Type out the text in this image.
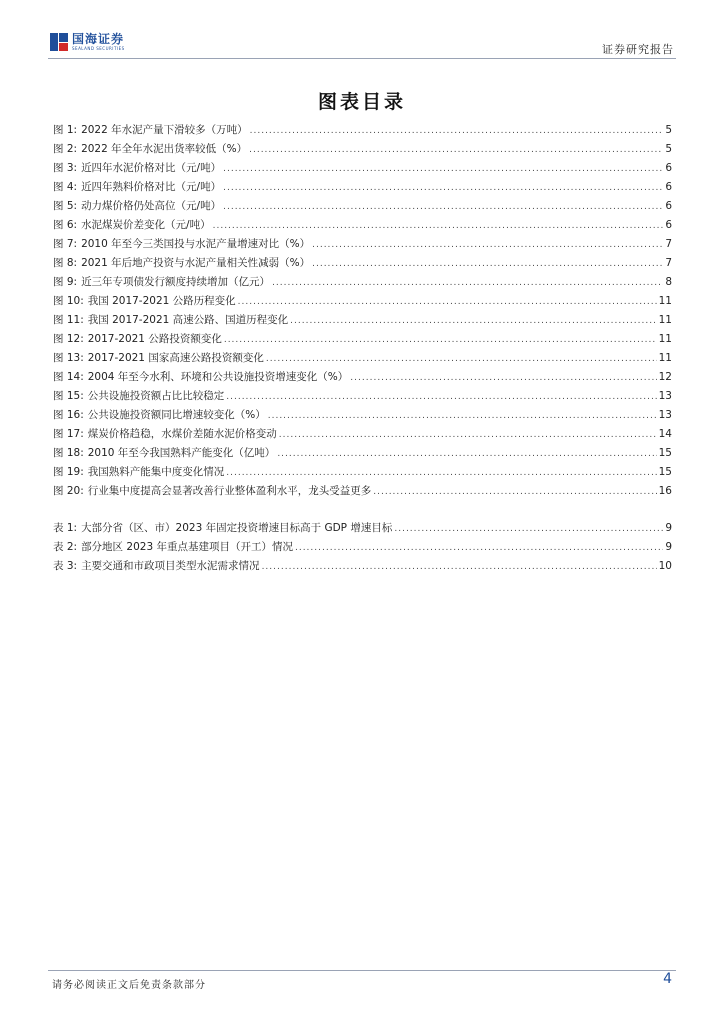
国海证券
SEALAND SECURITIES	证券研究报告
图表目录
图 1: 2022 年水泥产量下滑较多（万吨） .....	5
图 2: 2022 年全年水泥出货率较低（%） .....	5
图 3: 近四年水泥价格对比（元/吨） .....	6
图 4: 近四年熟料价格对比（元/吨） .....	6
图 5: 动力煤价格仍处高位（元/吨） .....	6
图 6: 水泥煤炭价差变化（元/吨） .....	6
图 7: 2010 年至今三类国投与水泥产量增速对比（%） .....	7
图 8: 2021 年后地产投资与水泥产量相关性减弱（%） .....	7
图 9: 近三年专项债发行额度持续增加（亿元） .....	8
图 10: 我国 2017-2021 公路历程变化 .....	11
图 11: 我国 2017-2021 高速公路、国道历程变化 .....	11
图 12: 2017-2021 公路投资额变化 .....	11
图 13: 2017-2021 国家高速公路投资额变化 .....	11
图 14: 2004 年至今水利、环境和公共设施投资增速变化（%） .....	12
图 15: 公共设施投资额占比比较稳定 .....	13
图 16: 公共设施投资额同比增速较变化（%） .....	13
图 17: 煤炭价格趋稳，水煤价差随水泥价格变动 .....	14
图 18: 2010 年至今我国熟料产能变化（亿吨） .....	15
图 19: 我国熟料产能集中度变化情况 .....	15
图 20: 行业集中度提高会显著改善行业整体盈利水平，龙头受益更多 .....	16
表 1: 大部分省（区、市）2023 年固定投资增速目标高于 GDP 增速目标 .....	9
表 2: 部分地区 2023 年重点基建项目（开工）情况 .....	9
表 3: 主要交通和市政项目类型水泥需求情况 .....	10
请务必阅读正文后免责条款部分	4
